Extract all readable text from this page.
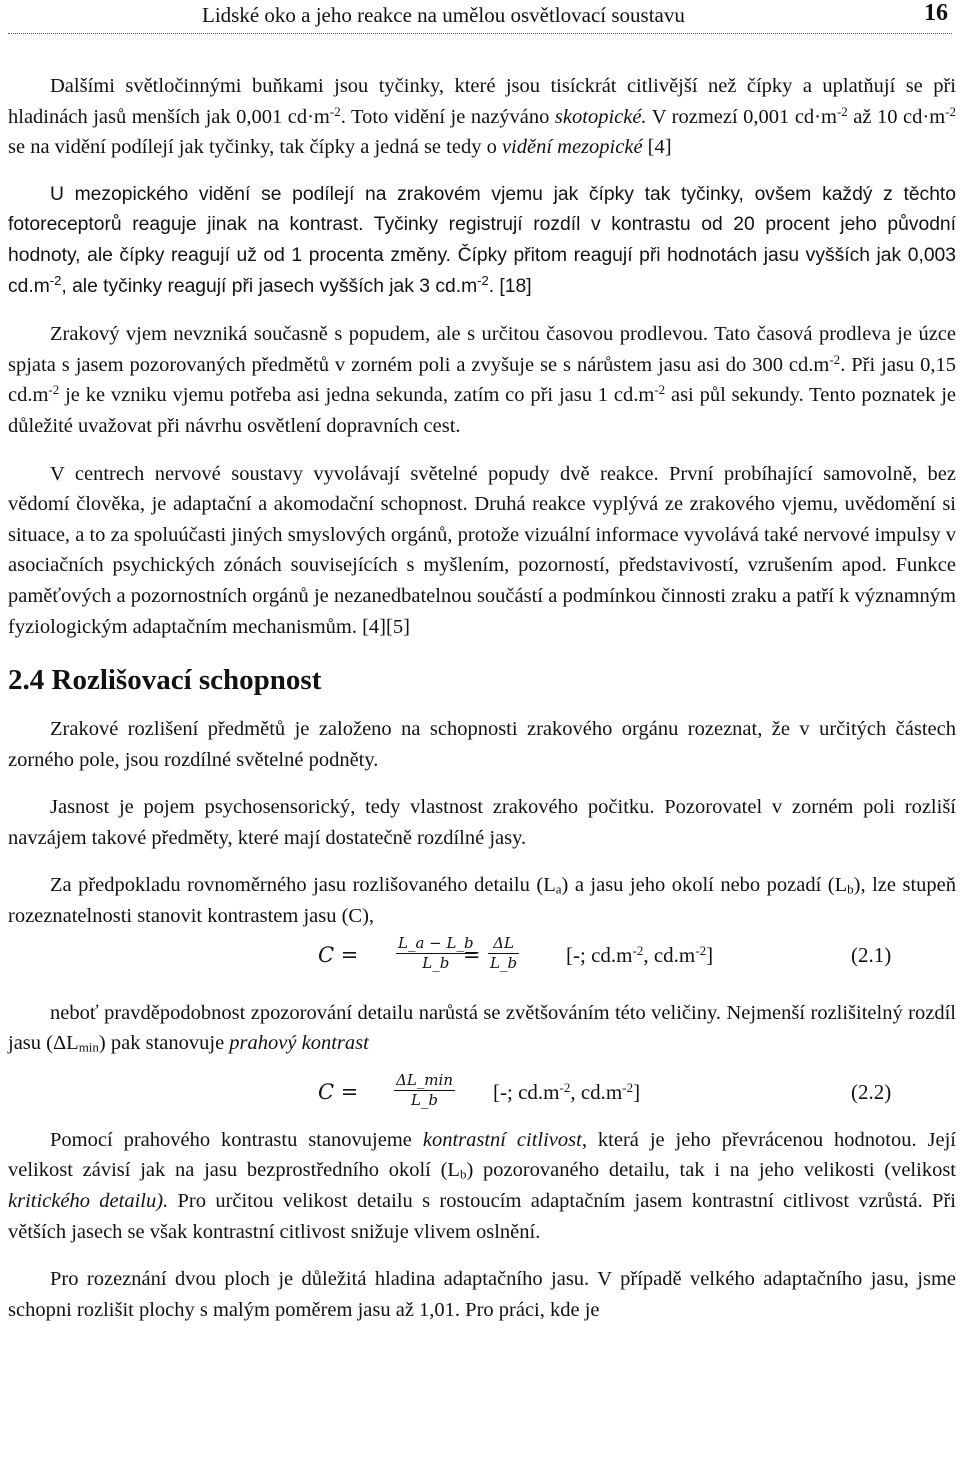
Lidské oko a jeho reakce na umělou osvětlovací soustavu	16

Dalšími světločinnými buňkami jsou tyčinky, které jsou tisíckrát citlivější než čípky a uplatňují se při hladinách jasů menších jak 0,001 $cd\cdot m^{-2}$. Toto vidění je nazýváno skotopické. V rozmezí 0,001 $cd\cdot m^{-2}$ až 10 $cd\cdot m^{-2}$ se na vidění podílejí jak tyčinky, tak čípky a jedná se tedy o vidění mezopické [4]

U mezopického vidění se podílejí na zrakovém vjemu jak čípky tak tyčinky, ovšem každý z těchto fotoreceptorů reaguje jinak na kontrast. Tyčinky registrují rozdíl v kontrastu od 20 procent jeho původní hodnoty, ale čípky reagují už od 1 procenta změny. Čípky přitom reagují při hodnotách jasu vyšších jak 0,003 $cd.m^{-2}$, ale tyčinky reagují při jasech vyšších jak 3 $cd.m^{-2}$. [18]

Zrakový vjem nevzniká současně s popudem, ale s určitou časovou prodlevou. Tato časová prodleva je úzce spjata s jasem pozorovaných předmětů v zorném poli a zvyšuje se s nárůstem jasu asi do 300 $cd.m^{-2}$. Při jasu 0,15 $cd.m^{-2}$ je ke vzniku vjemu potřeba asi jedna sekunda, zatím co při jasu 1 $cd.m^{-2}$ asi půl sekundy. Tento poznatek je důležité uvažovat při návrhu osvětlení dopravních cest.

V centrech nervové soustavy vyvolávají světelné popudy dvě reakce. První probíhající samovolně, bez vědomí člověka, je adaptační a akomodační schopnost. Druhá reakce vyplývá ze zrakového vjemu, uvědomění si situace, a to za spoluúčasti jiných smyslových orgánů, protože vizuální informace vyvolává také nervové impulsy v asociačních psychických zónách souvisejících s myšlením, pozorností, představivostí, vzrušením apod. Funkce paměťových a pozornostních orgánů je nezanedbatelnou součástí a podmínkou činnosti zraku a patří k významným fyziologickým adaptačním mechanismům. [4][5]

2.4 Rozlišovací schopnost

Zrakové rozlišení předmětů je založeno na schopnosti zrakového orgánu rozeznat, že v určitých částech zorného pole, jsou rozdílné světelné podněty.

Jasnost je pojem psychosensorický, tedy vlastnost zrakového počitku. Pozorovatel v zorném poli rozliší navzájem takové předměty, které mají dostatečně rozdílné jasy.

Za předpokladu rovnoměrného jasu rozlišovaného detailu $(L_a)$ a jasu jeho okolí nebo pozadí $(L_b)$, lze stupeň rozeznatelnosti stanovit kontrastem jasu (C),

C =	$\frac{L\_a - L\_b}{L\_b}$
= $\frac{\Delta L}{L\_b}$ [-; $cd.m^{-2}$, $cd.m^{-2}$]	(2.1)

neboť pravděpodobnost zpozorování detailu narůstá se zvětšováním této veličiny. Nejmenší rozlišitelný rozdíl jasu $(\Delta L_{min})$ pak stanovuje prahový kontrast

C =	ΔL_min
L_b	[-; $cd.m^{-2}$, $cd.m^{-2}$]	(2.2)

Pomocí prahového kontrastu stanovujeme kontrastní citlivost, která je jeho převrácenou hodnotou. Její velikost závisí jak na jasu bezprostředního okolí $(L_b)$ pozorovaného detailu, tak i na jeho velikosti (velikost kritického detailu). Pro určitou velikost detailu s rostoucím adaptačním jasem kontrastní citlivost vzrůstá. Při větších jasech se však kontrastní citlivost snižuje vlivem oslnění.

Pro rozeznání dvou ploch je důležitá hladina adaptačního jasu. V případě velkého adaptačního jasu, jsme schopni rozlišit plochy s malým poměrem jasu až 1,01. Pro práci, kde je
